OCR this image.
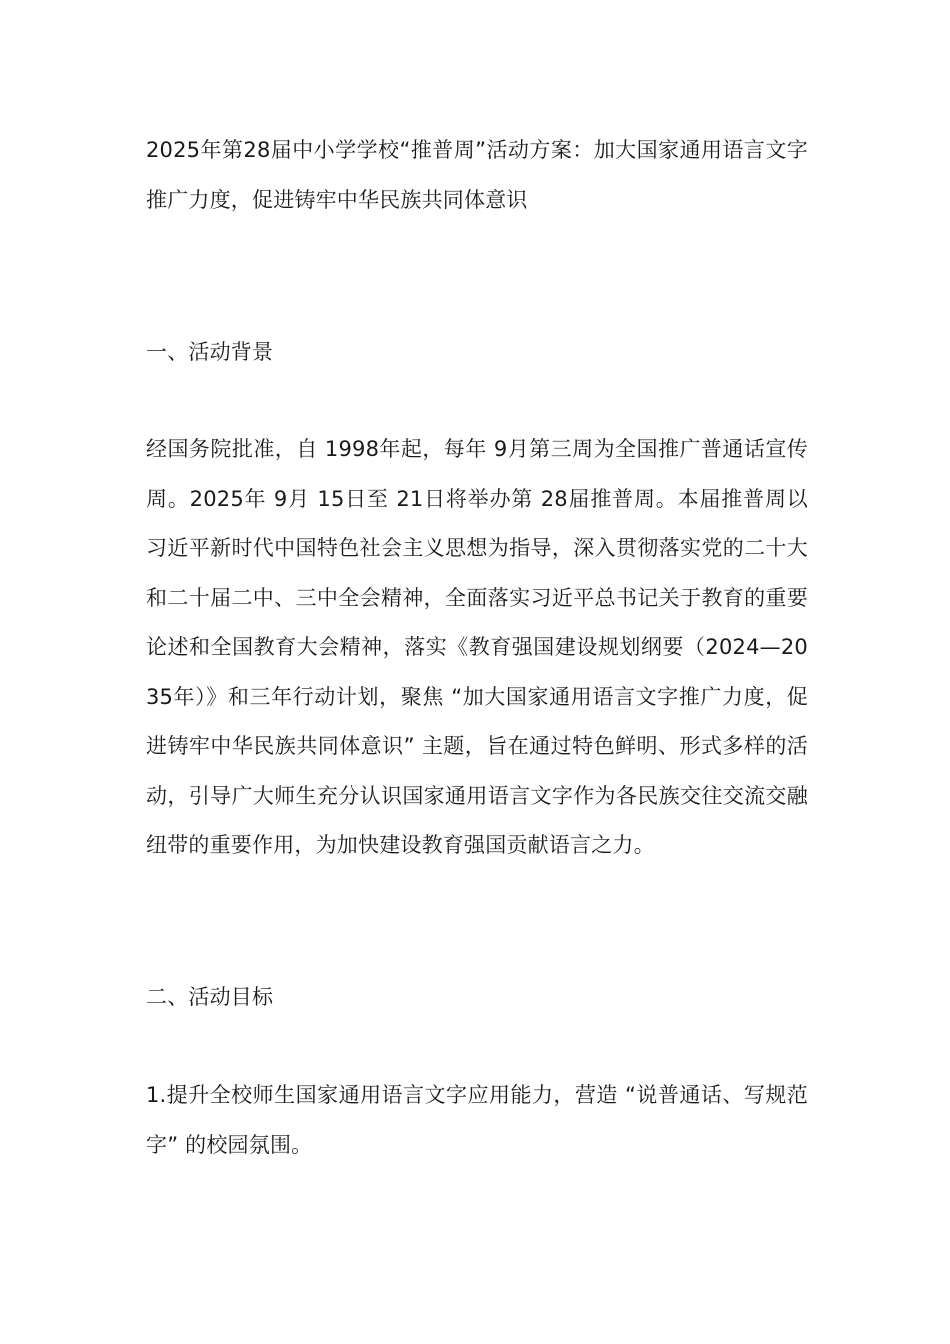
2025年第28届中小学学校“推普周”活动方案：加大国家通用语言文字推广力度，促进铸牢中华民族共同体意识

一、活动背景

经国务院批准，自 1998年起，每年 9月第三周为全国推广普通话宣传周。2025年 9月 15日至 21日将举办第 28届推普周。本届推普周以习近平新时代中国特色社会主义思想为指导，深入贯彻落实党的二十大和二十届二中、三中全会精神，全面落实习近平总书记关于教育的重要论述和全国教育大会精神，落实《教育强国建设规划纲要（2024—2035年）》和三年行动计划，聚焦 “加大国家通用语言文字推广力度，促进铸牢中华民族共同体意识” 主题，旨在通过特色鲜明、形式多样的活动，引导广大师生充分认识国家通用语言文字作为各民族交往交流交融纽带的重要作用，为加快建设教育强国贡献语言之力。

二、活动目标

1.提升全校师生国家通用语言文字应用能力，营造 “说普通话、写规范字” 的校园氛围。
